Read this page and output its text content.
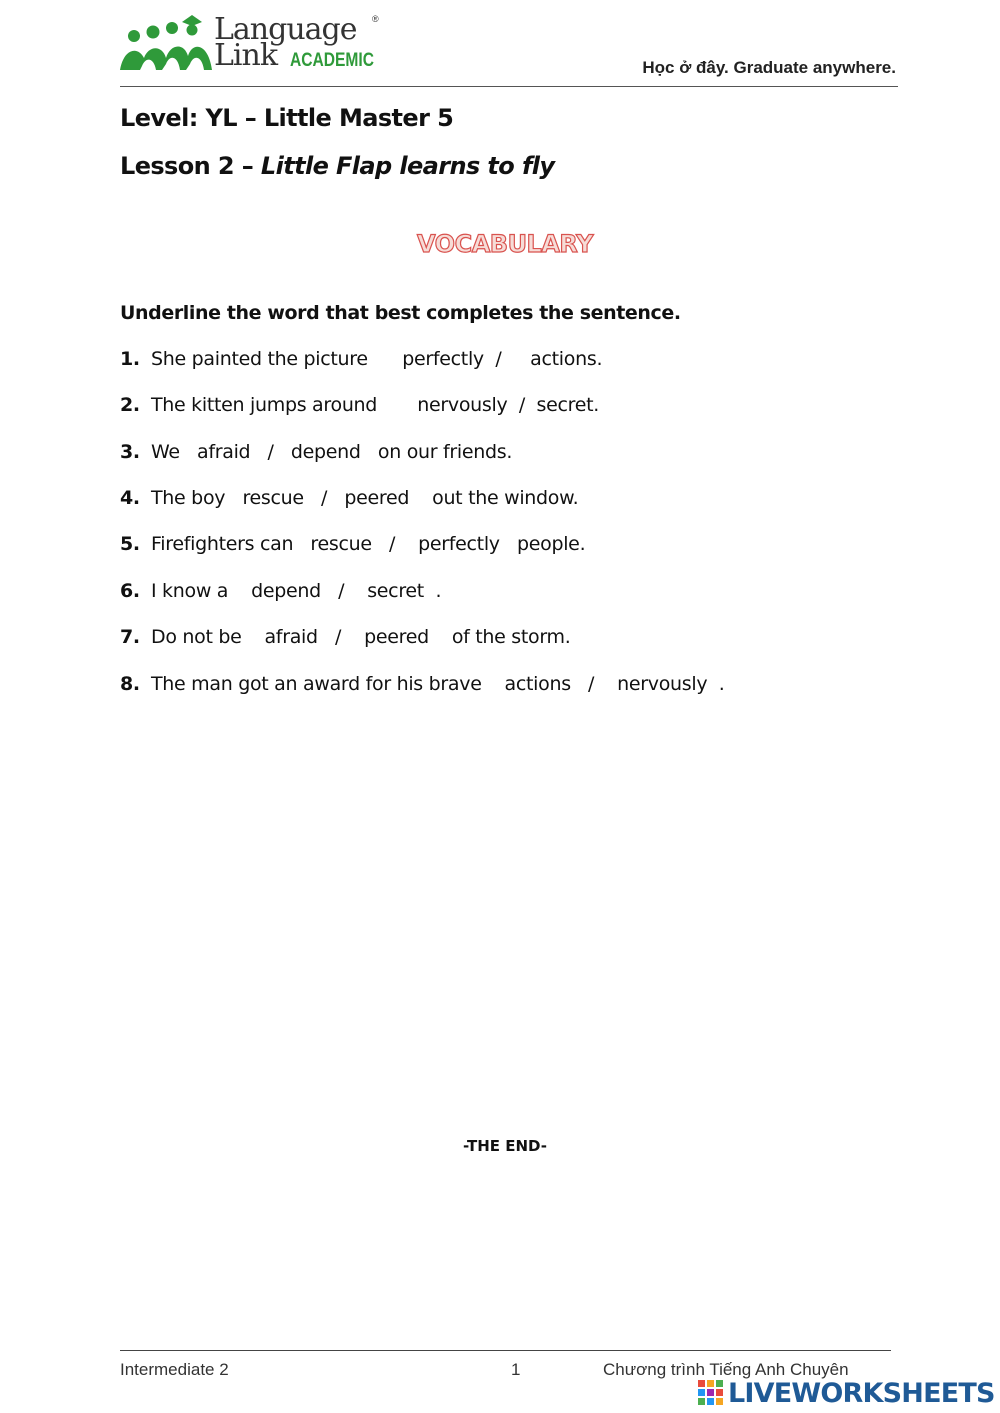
Language
Link ACADEMIC
®
Học ở đây. Graduate anywhere.
Level: YL – Little Master 5
Lesson 2 – Little Flap learns to fly
VOCABULARY
Underline the word that best completes the sentence.
1. She painted the picture      perfectly  /     actions.
2. The kitten jumps around       nervously  /  secret.
3. We   afraid   /   depend   on our friends.
4. The boy   rescue   /   peered    out the window.
5. Firefighters can   rescue   /    perfectly   people.
6. I know a    depend   /    secret  .
7. Do not be    afraid   /    peered    of the storm.
8. The man got an award for his brave    actions   /    nervously  .
-THE END-
Intermediate 2	1	Chương trình Tiếng Anh Chuyên
LIVEWORKSHEETS
